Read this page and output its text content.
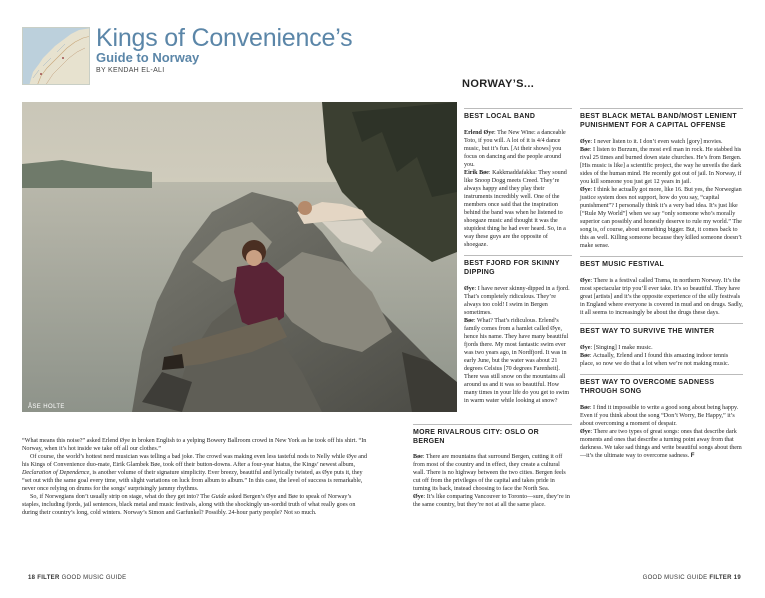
Kings of Convenience’s
Guide to Norway
BY KENDAH EL-ALI
NORWAY’S...
ÅSE HOLTE

“What means this noise?” asked Erlend Øye in broken English to a yelping Bowery Ballroom crowd in New York as he took off his shirt. “In Norway, when it’s hot inside we take off all our clothes.”

Of course, the world’s hottest nerd musician was telling a bad joke. The crowd was making even less tasteful nods to Nelly while Øye and his Kings of Convenience duo-mate, Eirik Glambek Bøe, took off their button-downs. After a four-year hiatus, the Kings’ newest album, Declaration of Dependence, is another volume of their signature simplicity. Ever breezy, beautiful and lyrically twisted, as Øye puts it, they “set out with the same goal every time, with slight variations on luck from album to album.” In this case, the level of success is remarkable, never once relying on drums for the songs’ surprisingly jammy rhythms.

So, if Norwegians don’t usually strip on stage, what do they get into? The Guide asked Bergen’s Øye and Bøe to speak of Norway’s staples, including fjords, jail sentences, black metal and music festivals, along with the shockingly un-sordid truth of what really goes on during their country’s long, cold winters. Norway’s Simon and Garfunkel? Possibly. 24-hour party people? Not so much.

BEST LOCAL BAND

Erlend Øye: The New Wine: a danceable Toto, if you will. A lot of it is 4/4 dance music, but it’s fun. [At their shows] you focus on dancing and the people around you.

Eirik Bøe: Kakkmaddafakka: They sound like Snoop Dogg meets Creed. They’re always happy and they play their instruments incredibly well. One of the members once said that the inspiration behind the band was when he listened to shoegaze music and thought it was the stupidest thing he had ever heard. So, in a way these guys are the opposite of shoegaze.

BEST FJORD FOR SKINNY DIPPING

Øye: I have never skinny-dipped in a fjord. That’s completely ridiculous. They’re always too cold! I swim in Bergen sometimes.

Bøe: What? That’s ridiculous. Erlend’s family comes from a hamlet called Øye, hence his name. They have many beautiful fjords there. My most fantastic swim ever was two years ago, in Nordfjord. It was in early June, but the water was about 21 degrees Celsius [70 degrees Farenheit]. There was still snow on the mountains all around us and it was so beautiful. How many times in your life do you get to swim in warm water while looking at snow?

MORE RIVALROUS CITY: OSLO OR BERGEN

Bøe: There are mountains that surround Bergen, cutting it off from most of the country and in effect, they create a cultural wall. There is no highway between the two cities. Bergen feels cut off from the privileges of the capital and takes pride in turning its back, instead choosing to face the North Sea.

Øye: It’s like comparing Vancouver to Toronto—sure, they’re in the same country, but they’re not at all the same place.

BEST BLACK METAL BAND/MOST LENIENT PUNISHMENT FOR A CAPITAL OFFENSE

Øye: I never listen to it. I don’t even watch [gory] movies.

Bøe: I listen to Burzum, the most evil man in rock. He stabbed his rival 25 times and burned down state churches. He’s from Bergen. [His music is like] a scientific project, the way he unveils the dark sides of the human mind. He recently got out of jail. In Norway, if you kill someone you just get 12 years in jail.

Øye: I think he actually got more, like 16. But yes, the Norwegian justice system does not support, how do you say, “capital punishment”? I personally think it’s a very bad idea. It’s just like [“Rule My World”] when we say “only someone who’s morally superior can possibly and honestly deserve to rule my world.” The song is, of course, about something bigger. But, it comes back to this as well. Killing someone because they killed someone doesn’t make sense.

BEST MUSIC FESTIVAL

Øye: There is a festival called Træna, in northern Norway. It’s the most spectacular trip you’ll ever take. It’s so beautiful. They have great [artists] and it’s the opposite experience of the silly festivals in England where everyone is covered in mud and on drugs. Sadly, it all seems to increasingly be about the drugs these days.

BEST WAY TO SURVIVE THE WINTER

Øye: [Singing] I make music.

Bøe: Actually, Erlend and I found this amazing indoor tennis place, so now we do that a lot when we’re not making music.

BEST WAY TO OVERCOME SADNESS THROUGH SONG

Bøe: I find it impossible to write a good song about being happy. Even if you think about the song “Don’t Worry, Be Happy,” it’s about overcoming a moment of despair.

Øye: There are two types of great songs: ones that describe dark moments and ones that describe a turning point away from that darkness. We take sad things and write beautiful songs about them—it’s the ultimate way to overcome sadness. F

18 FILTER GOOD MUSIC GUIDE	GOOD MUSIC GUIDE FILTER 19
